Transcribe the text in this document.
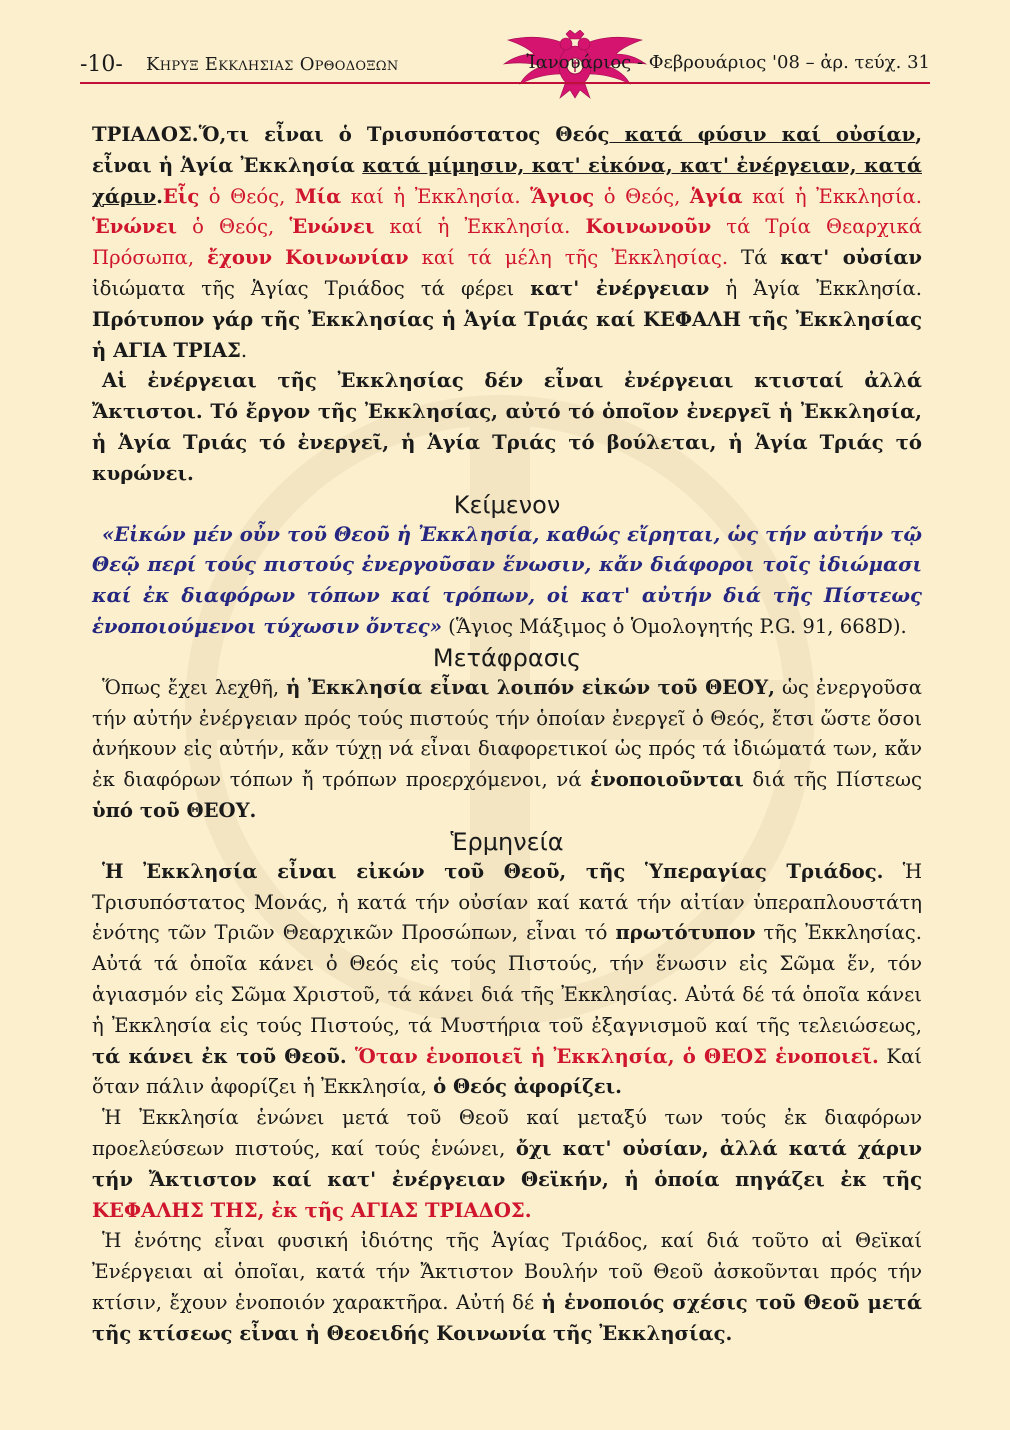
-10- Κηρυξ Εκκλησιας Ορθοδοξων	Ἰανουάριος - Φεβρουάριος '08 – ἀρ. τεύχ. 31

ΤΡΙΑΔΟΣ.Ὅ,τι εἶναι ὁ Τρισυπόστατος Θεός κατά φύσιν καί οὐσίαν, εἶναι ἡ Ἁγία Ἐκκλησία κατά μίμησιν, κατ' εἰκόνα, κατ' ἐνέργειαν, κατά χάριν.Εἷς ὁ Θεός, Μία καί ἡ Ἐκκλησία. Ἅγιος ὁ Θεός, Ἁγία καί ἡ Ἐκκλησία. Ἑνώνει ὁ Θεός, Ἑνώνει καί ἡ Ἐκκλησία. Κοινωνοῦν τά Τρία Θεαρχικά Πρόσωπα, ἔχουν Κοινωνίαν καί τά μέλη τῆς Ἐκκλησίας. Τά κατ' οὐσίαν ἰδιώματα τῆς Ἁγίας Τριάδος τά φέρει κατ' ἐνέργειαν ἡ Ἁγία Ἐκκλησία. Πρότυπον γάρ τῆς Ἐκκλησίας ἡ Ἁγία Τριάς καί ΚΕΦΑΛΗ τῆς Ἐκκλησίας ἡ ΑΓΙΑ ΤΡΙΑΣ.

Αἱ ἐνέργειαι τῆς Ἐκκλησίας δέν εἶναι ἐνέργειαι κτισταί ἀλλά Ἄκτιστοι. Τό ἔργον τῆς Ἐκκλησίας, αὐτό τό ὁποῖον ἐνεργεῖ ἡ Ἐκκλησία, ἡ Ἁγία Τριάς τό ἐνεργεῖ, ἡ Ἁγία Τριάς τό βούλεται, ἡ Ἁγία Τριάς τό κυρώνει.

Κείμενον

«Εἰκών μέν οὖν τοῦ Θεοῦ ἡ Ἐκκλησία, καθώς εἴρηται, ὡς τήν αὐτήν τῷ Θεῷ περί τούς πιστούς ἐνεργοῦσαν ἕνωσιν, κἄν διάφοροι τοῖς ἰδιώμασι καί ἐκ διαφόρων τόπων καί τρόπων, οἱ κατ' αὐτήν διά τῆς Πίστεως ἑνοποιούμενοι τύχωσιν ὄντες» (Ἅγιος Μάξιμος ὁ Ὁμολογητής P.G. 91, 668D).

Μετάφρασις

Ὅπως ἔχει λεχθῆ, ἡ Ἐκκλησία εἶναι λοιπόν εἰκών τοῦ ΘΕΟΥ, ὡς ἐνεργοῦσα τήν αὐτήν ἐνέργειαν πρός τούς πιστούς τήν ὁποίαν ἐνεργεῖ ὁ Θεός, ἔτσι ὥστε ὅσοι ἀνήκουν εἰς αὐτήν, κἄν τύχῃ νά εἶναι διαφορετικοί ὡς πρός τά ἰδιώματά των, κἄν ἐκ διαφόρων τόπων ἤ τρόπων προερχόμενοι, νά ἑνοποιοῦνται διά τῆς Πίστεως ὑπό τοῦ ΘΕΟΥ.

Ἑρμηνεία

Ἡ Ἐκκλησία εἶναι εἰκών τοῦ Θεοῦ, τῆς Ὑπεραγίας Τριάδος. Ἡ Τρισυπόστατος Μονάς, ἡ κατά τήν οὐσίαν καί κατά τήν αἰτίαν ὑπεραπλουστάτη ἑνότης τῶν Τριῶν Θεαρχικῶν Προσώπων, εἶναι τό πρωτότυπον τῆς Ἐκκλησίας. Αὐτά τά ὁποῖα κάνει ὁ Θεός εἰς τούς Πιστούς, τήν ἕνωσιν εἰς Σῶμα ἕν, τόν ἁγιασμόν εἰς Σῶμα Χριστοῦ, τά κάνει διά τῆς Ἐκκλησίας. Αὐτά δέ τά ὁποῖα κάνει ἡ Ἐκκλησία εἰς τούς Πιστούς, τά Μυστήρια τοῦ ἐξαγνισμοῦ καί τῆς τελειώσεως, τά κάνει ἐκ τοῦ Θεοῦ. Ὅταν ἑνοποιεῖ ἡ Ἐκκλησία, ὁ ΘΕΟΣ ἑνοποιεῖ. Καί ὅταν πάλιν ἀφορίζει ἡ Ἐκκλησία, ὁ Θεός ἀφορίζει.

Ἡ Ἐκκλησία ἑνώνει μετά τοῦ Θεοῦ καί μεταξύ των τούς ἐκ διαφόρων προελεύσεων πιστούς, καί τούς ἑνώνει, ὄχι κατ' οὐσίαν, ἀλλά κατά χάριν τήν Ἄκτιστον καί κατ' ἐνέργειαν Θεϊκήν, ἡ ὁποία πηγάζει ἐκ τῆς ΚΕΦΑΛΗΣ ΤΗΣ, ἐκ τῆς ΑΓΙΑΣ ΤΡΙΑΔΟΣ.

Ἡ ἑνότης εἶναι φυσική ἰδιότης τῆς Ἁγίας Τριάδος, καί διά τοῦτο αἱ Θεϊκαί Ἐνέργειαι αἱ ὁποῖαι, κατά τήν Ἄκτιστον Βουλήν τοῦ Θεοῦ ἀσκοῦνται πρός τήν κτίσιν, ἔχουν ἑνοποιόν χαρακτῆρα. Αὐτή δέ ἡ ἑνοποιός σχέσις τοῦ Θεοῦ μετά τῆς κτίσεως εἶναι ἡ Θεοειδής Κοινωνία τῆς Ἐκκλησίας.
